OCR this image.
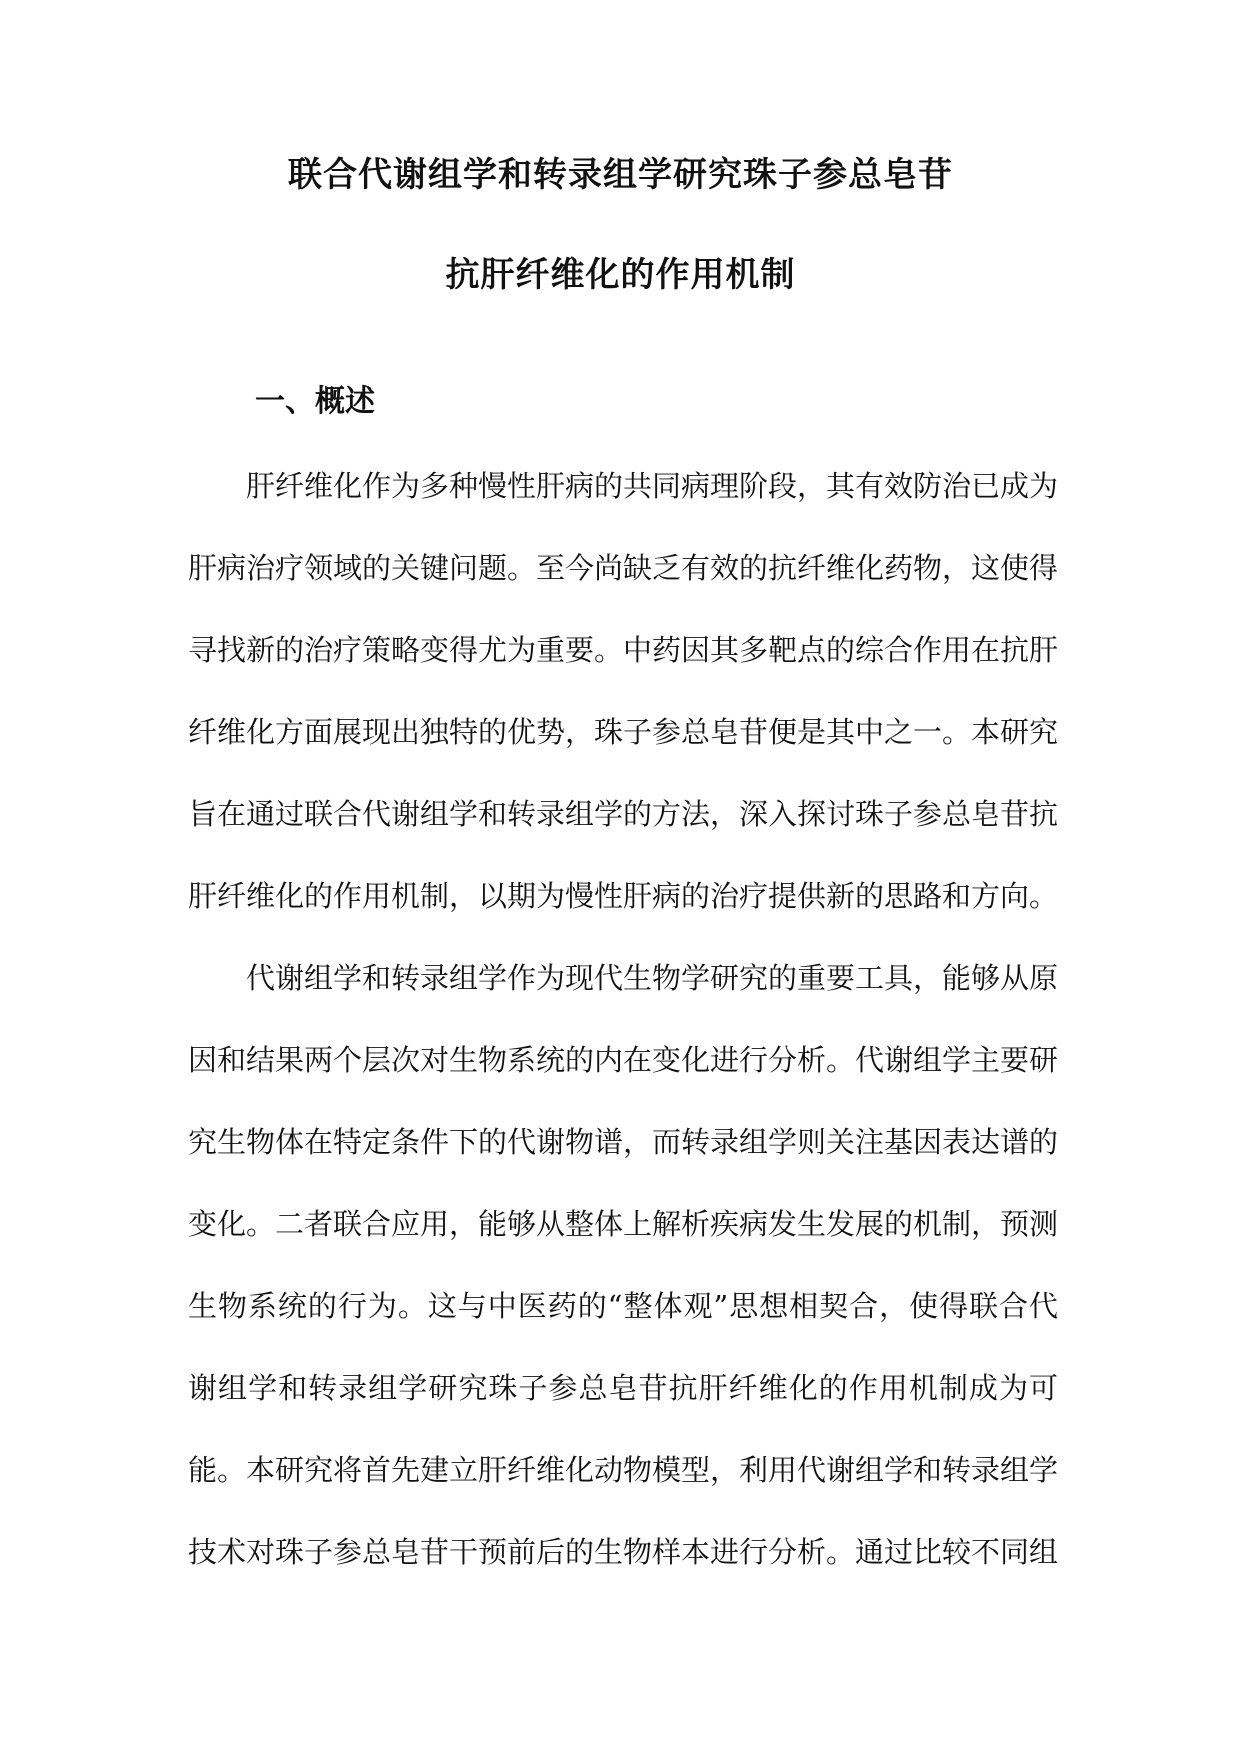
联合代谢组学和转录组学研究珠子参总皂苷
抗肝纤维化的作用机制
一、概述
肝纤维化作为多种慢性肝病的共同病理阶段，其有效防治已成为
肝病治疗领域的关键问题。至今尚缺乏有效的抗纤维化药物，这使得
寻找新的治疗策略变得尤为重要。中药因其多靶点的综合作用在抗肝
纤维化方面展现出独特的优势，珠子参总皂苷便是其中之一。本研究
旨在通过联合代谢组学和转录组学的方法，深入探讨珠子参总皂苷抗
肝纤维化的作用机制，以期为慢性肝病的治疗提供新的思路和方向。
代谢组学和转录组学作为现代生物学研究的重要工具，能够从原
因和结果两个层次对生物系统的内在变化进行分析。代谢组学主要研
究生物体在特定条件下的代谢物谱，而转录组学则关注基因表达谱的
变化。二者联合应用，能够从整体上解析疾病发生发展的机制，预测
生物系统的行为。这与中医药的“整体观”思想相契合，使得联合代
谢组学和转录组学研究珠子参总皂苷抗肝纤维化的作用机制成为可
能。 本研究将首先建立肝纤维化动物模型，利用代谢组学和转录组学
技术对珠子参总皂苷干预前后的生物样本进行分析。通过比较不同组
